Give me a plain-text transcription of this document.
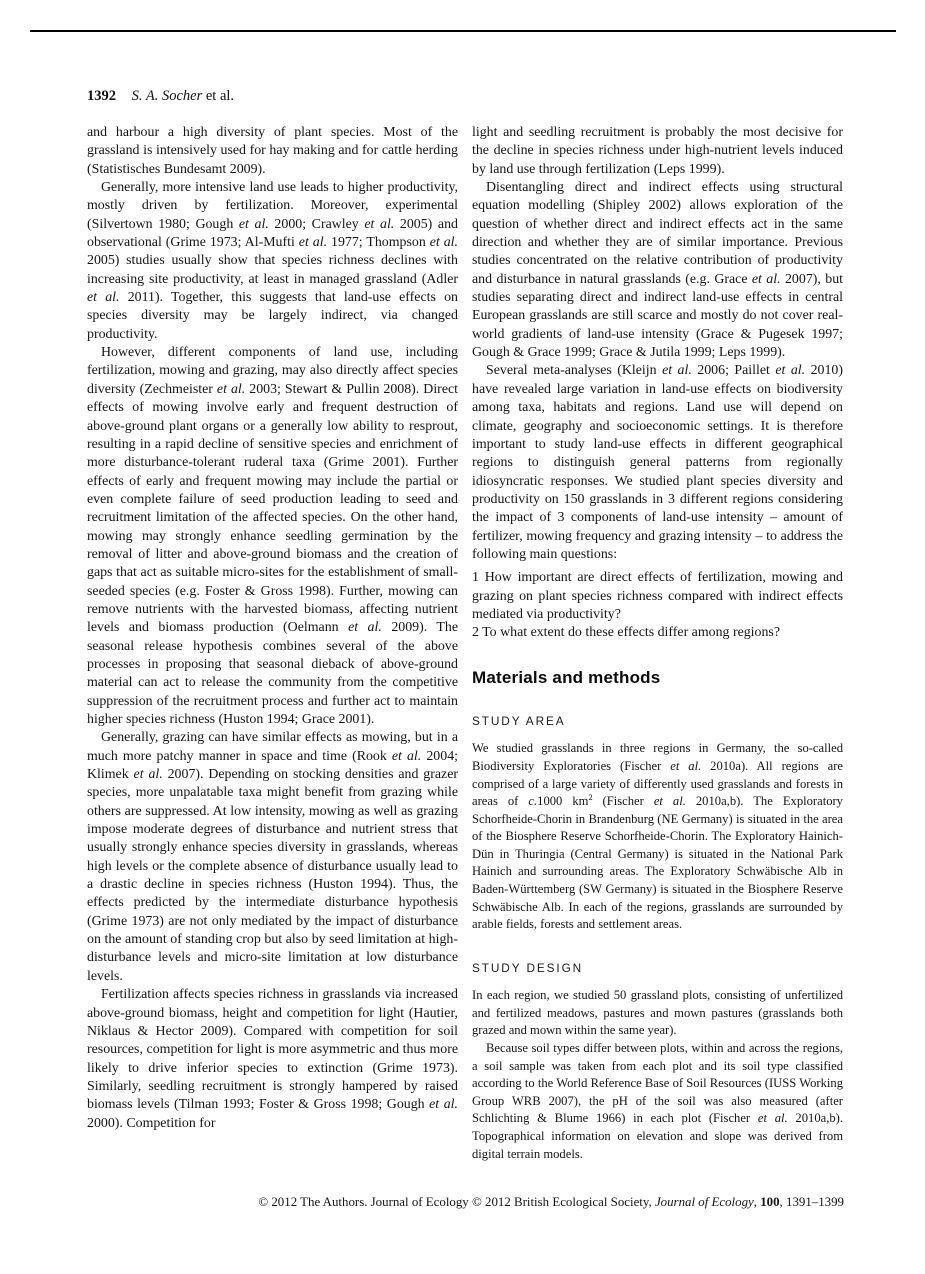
1392 S. A. Socher et al.

and harbour a high diversity of plant species. Most of the grassland is intensively used for hay making and for cattle herding (Statistisches Bundesamt 2009).

Generally, more intensive land use leads to higher productivity, mostly driven by fertilization. Moreover, experimental (Silvertown 1980; Gough et al. 2000; Crawley et al. 2005) and observational (Grime 1973; Al-Mufti et al. 1977; Thompson et al. 2005) studies usually show that species richness declines with increasing site productivity, at least in managed grassland (Adler et al. 2011). Together, this suggests that land-use effects on species diversity may be largely indirect, via changed productivity.

However, different components of land use, including fertilization, mowing and grazing, may also directly affect species diversity (Zechmeister et al. 2003; Stewart & Pullin 2008). Direct effects of mowing involve early and frequent destruction of above-ground plant organs or a generally low ability to resprout, resulting in a rapid decline of sensitive species and enrichment of more disturbance-tolerant ruderal taxa (Grime 2001). Further effects of early and frequent mowing may include the partial or even complete failure of seed production leading to seed and recruitment limitation of the affected species. On the other hand, mowing may strongly enhance seedling germination by the removal of litter and above-ground biomass and the creation of gaps that act as suitable micro-sites for the establishment of small-seeded species (e.g. Foster & Gross 1998). Further, mowing can remove nutrients with the harvested biomass, affecting nutrient levels and biomass production (Oelmann et al. 2009). The seasonal release hypothesis combines several of the above processes in proposing that seasonal dieback of above-ground material can act to release the community from the competitive suppression of the recruitment process and further act to maintain higher species richness (Huston 1994; Grace 2001).

Generally, grazing can have similar effects as mowing, but in a much more patchy manner in space and time (Rook et al. 2004; Klimek et al. 2007). Depending on stocking densities and grazer species, more unpalatable taxa might benefit from grazing while others are suppressed. At low intensity, mowing as well as grazing impose moderate degrees of disturbance and nutrient stress that usually strongly enhance species diversity in grasslands, whereas high levels or the complete absence of disturbance usually lead to a drastic decline in species richness (Huston 1994). Thus, the effects predicted by the intermediate disturbance hypothesis (Grime 1973) are not only mediated by the impact of disturbance on the amount of standing crop but also by seed limitation at high-disturbance levels and micro-site limitation at low disturbance levels.

Fertilization affects species richness in grasslands via increased above-ground biomass, height and competition for light (Hautier, Niklaus & Hector 2009). Compared with competition for soil resources, competition for light is more asymmetric and thus more likely to drive inferior species to extinction (Grime 1973). Similarly, seedling recruitment is strongly hampered by raised biomass levels (Tilman 1993; Foster & Gross 1998; Gough et al. 2000). Competition for

light and seedling recruitment is probably the most decisive for the decline in species richness under high-nutrient levels induced by land use through fertilization (Leps 1999).

Disentangling direct and indirect effects using structural equation modelling (Shipley 2002) allows exploration of the question of whether direct and indirect effects act in the same direction and whether they are of similar importance. Previous studies concentrated on the relative contribution of productivity and disturbance in natural grasslands (e.g. Grace et al. 2007), but studies separating direct and indirect land-use effects in central European grasslands are still scarce and mostly do not cover real-world gradients of land-use intensity (Grace & Pugesek 1997; Gough & Grace 1999; Grace & Jutila 1999; Leps 1999).

Several meta-analyses (Kleijn et al. 2006; Paillet et al. 2010) have revealed large variation in land-use effects on biodiversity among taxa, habitats and regions. Land use will depend on climate, geography and socioeconomic settings. It is therefore important to study land-use effects in different geographical regions to distinguish general patterns from regionally idiosyncratic responses. We studied plant species diversity and productivity on 150 grasslands in 3 different regions considering the impact of 3 components of land-use intensity – amount of fertilizer, mowing frequency and grazing intensity – to address the following main questions:

1 How important are direct effects of fertilization, mowing and grazing on plant species richness compared with indirect effects mediated via productivity?

2 To what extent do these effects differ among regions?

Materials and methods
STUDY AREA

We studied grasslands in three regions in Germany, the so-called Biodiversity Exploratories (Fischer et al. 2010a). All regions are comprised of a large variety of differently used grasslands and forests in areas of c.1000 $km^2$ (Fischer et al. 2010a,b). The Exploratory Schorfheide-Chorin in Brandenburg (NE Germany) is situated in the area of the Biosphere Reserve Schorfheide-Chorin. The Exploratory Hainich-Dün in Thuringia (Central Germany) is situated in the National Park Hainich and surrounding areas. The Exploratory Schwäbische Alb in Baden-Württemberg (SW Germany) is situated in the Biosphere Reserve Schwäbische Alb. In each of the regions, grasslands are surrounded by arable fields, forests and settlement areas.

STUDY DESIGN

In each region, we studied 50 grassland plots, consisting of unfertilized and fertilized meadows, pastures and mown pastures (grasslands both grazed and mown within the same year).

Because soil types differ between plots, within and across the regions, a soil sample was taken from each plot and its soil type classified according to the World Reference Base of Soil Resources (IUSS Working Group WRB 2007), the pH of the soil was also measured (after Schlichting & Blume 1966) in each plot (Fischer et al. 2010a,b). Topographical information on elevation and slope was derived from digital terrain models.

© 2012 The Authors. Journal of Ecology © 2012 British Ecological Society, Journal of Ecology, 100, 1391–1399
